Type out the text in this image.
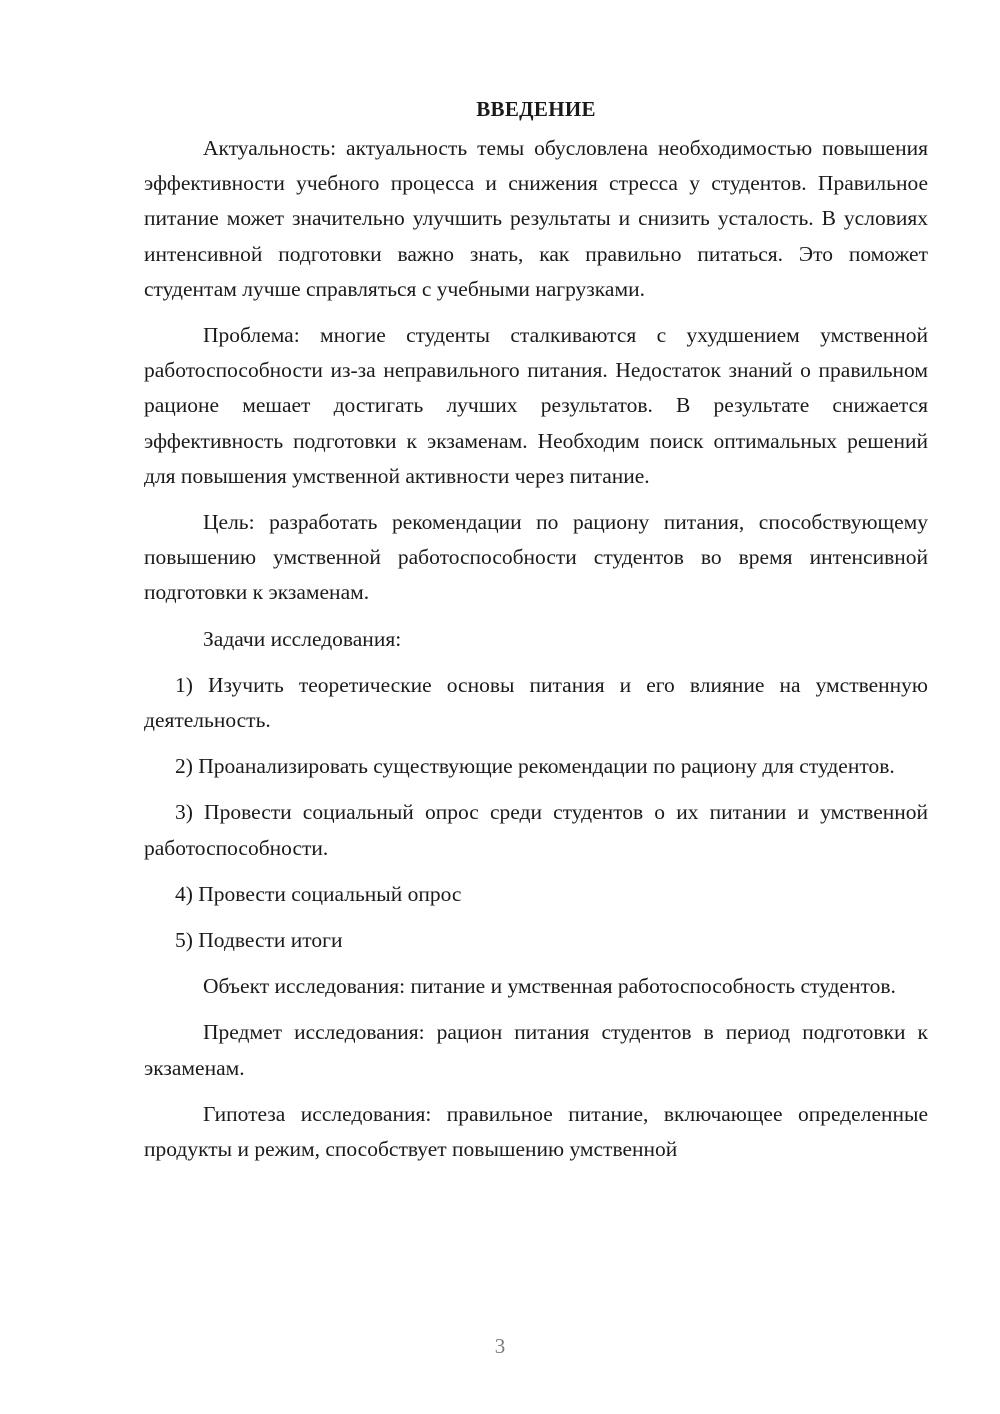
ВВЕДЕНИЕ

Актуальность: актуальность темы обусловлена необходимостью повышения эффективности учебного процесса и снижения стресса у студентов. Правильное питание может значительно улучшить результаты и снизить усталость. В условиях интенсивной подготовки важно знать, как правильно питаться. Это поможет студентам лучше справляться с учебными нагрузками.

Проблема: многие студенты сталкиваются с ухудшением умственной работоспособности из-за неправильного питания. Недостаток знаний о правильном рационе мешает достигать лучших результатов. В результате снижается эффективность подготовки к экзаменам. Необходим поиск оптимальных решений для повышения умственной активности через питание.

Цель: разработать рекомендации по рациону питания, способствующему повышению умственной работоспособности студентов во время интенсивной подготовки к экзаменам.

Задачи исследования:

1) Изучить теоретические основы питания и его влияние на умственную деятельность.

2) Проанализировать существующие рекомендации по рациону для студентов.

3) Провести социальный опрос среди студентов о их питании и умственной работоспособности.

4) Провести социальный опрос

5) Подвести итоги

Объект исследования: питание и умственная работоспособность студентов.

Предмет исследования: рацион питания студентов в период подготовки к экзаменам.

Гипотеза исследования: правильное питание, включающее определенные продукты и режим, способствует повышению умственной

3
